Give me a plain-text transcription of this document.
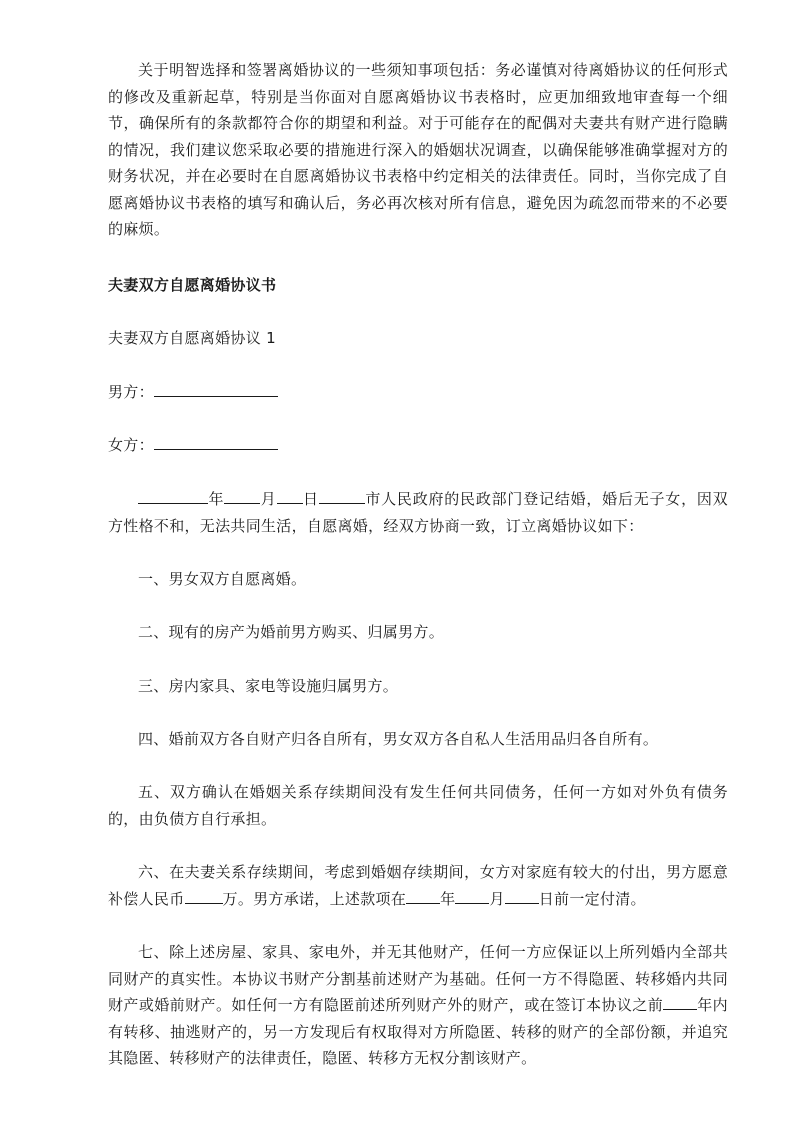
关于明智选择和签署离婚协议的一些须知事项包括：务必谨慎对待离婚协议的任何形式的修改及重新起草，特别是当你面对自愿离婚协议书表格时，应更加细致地审查每一个细节，确保所有的条款都符合你的期望和利益。对于可能存在的配偶对夫妻共有财产进行隐瞒的情况，我们建议您采取必要的措施进行深入的婚姻状况调查，以确保能够准确掌握对方的财务状况，并在必要时在自愿离婚协议书表格中约定相关的法律责任。同时，当你完成了自愿离婚协议书表格的填写和确认后，务必再次核对所有信息，避免因为疏忽而带来的不必要的麻烦。

夫妻双方自愿离婚协议书
夫妻双方自愿离婚协议 1
男方：
女方：

年 月 日	市人民政府的民政部门登记结婚，婚后无子女，因双方性格不和，无法共同生活，自愿离婚，经双方协商一致，订立离婚协议如下：

一、男女双方自愿离婚。

二、现有的房产为婚前男方购买、归属男方。

三、房内家具、家电等设施归属男方。

四、婚前双方各自财产归各自所有，男女双方各自私人生活用品归各自所有。

五、双方确认在婚姻关系存续期间没有发生任何共同债务，任何一方如对外负有债务的，由负债方自行承担。

六、在夫妻关系存续期间，考虑到婚姻存续期间，女方对家庭有较大的付出，男方愿意补偿人民币	万。男方承诺，上述款项在 年 月 日前一定付清。

七、除上述房屋、家具、家电外，并无其他财产，任何一方应保证以上所列婚内全部共同财产的真实性。本协议书财产分割基前述财产为基础。任何一方不得隐匿、转移婚内共同财产或婚前财产。如任何一方有隐匿前述所列财产外的财产，或在签订本协议之前 年内有转移、抽逃财产的，另一方发现后有权取得对方所隐匿、转移的财产的全部份额，并追究其隐匿、转移财产的法律责任，隐匿、转移方无权分割该财产。
